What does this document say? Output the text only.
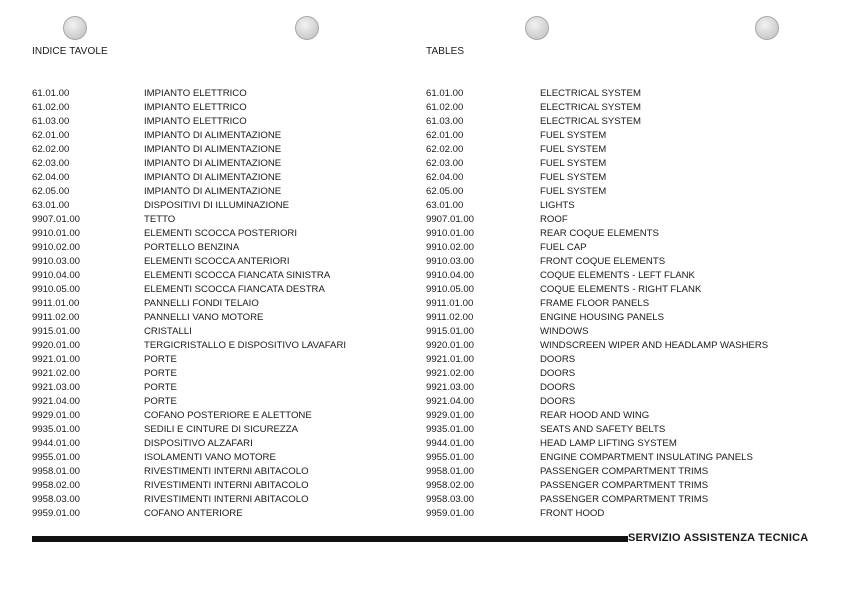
INDICE TAVOLE	TABLES
61.01.00	IMPIANTO ELETTRICO
61.02.00	IMPIANTO ELETTRICO
61.03.00	IMPIANTO ELETTRICO
62.01.00	IMPIANTO DI ALIMENTAZIONE
62.02.00	IMPIANTO DI ALIMENTAZIONE
62.03.00	IMPIANTO DI ALIMENTAZIONE
62.04.00	IMPIANTO DI ALIMENTAZIONE
62.05.00	IMPIANTO DI ALIMENTAZIONE
63.01.00	DISPOSITIVI DI ILLUMINAZIONE
9907.01.00	TETTO
9910.01.00	ELEMENTI SCOCCA POSTERIORI
9910.02.00	PORTELLO BENZINA
9910.03.00	ELEMENTI SCOCCA ANTERIORI
9910.04.00	ELEMENTI SCOCCA FIANCATA SINISTRA
9910.05.00	ELEMENTI SCOCCA FIANCATA DESTRA
9911.01.00	PANNELLI FONDI TELAIO
9911.02.00	PANNELLI VANO MOTORE
9915.01.00	CRISTALLI
9920.01.00	TERGICRISTALLO E DISPOSITIVO LAVAFARI
9921.01.00	PORTE
9921.02.00	PORTE
9921.03.00	PORTE
9921.04.00	PORTE
9929.01.00	COFANO POSTERIORE E ALETTONE
9935.01.00	SEDILI E CINTURE DI SICUREZZA
9944.01.00	DISPOSITIVO ALZAFARI
9955.01.00	ISOLAMENTI VANO MOTORE
9958.01.00	RIVESTIMENTI INTERNI ABITACOLO
9958.02.00	RIVESTIMENTI INTERNI ABITACOLO
9958.03.00	RIVESTIMENTI INTERNI ABITACOLO
9959.01.00	COFANO ANTERIORE
61.01.00	ELECTRICAL SYSTEM
61.02.00	ELECTRICAL SYSTEM
61.03.00	ELECTRICAL SYSTEM
62.01.00	FUEL SYSTEM
62.02.00	FUEL SYSTEM
62.03.00	FUEL SYSTEM
62.04.00	FUEL SYSTEM
62.05.00	FUEL SYSTEM
63.01.00	LIGHTS
9907.01.00	ROOF
9910.01.00	REAR COQUE ELEMENTS
9910.02.00	FUEL CAP
9910.03.00	FRONT COQUE ELEMENTS
9910.04.00	COQUE ELEMENTS - LEFT FLANK
9910.05.00	COQUE ELEMENTS - RIGHT FLANK
9911.01.00	FRAME FLOOR PANELS
9911.02.00	ENGINE HOUSING PANELS
9915.01.00	WINDOWS
9920.01.00	WINDSCREEN WIPER AND HEADLAMP WASHERS
9921.01.00	DOORS
9921.02.00	DOORS
9921.03.00	DOORS
9921.04.00	DOORS
9929.01.00	REAR HOOD AND WING
9935.01.00	SEATS AND SAFETY BELTS
9944.01.00	HEAD LAMP LIFTING SYSTEM
9955.01.00	ENGINE COMPARTMENT INSULATING PANELS
9958.01.00	PASSENGER COMPARTMENT TRIMS
9958.02.00	PASSENGER COMPARTMENT TRIMS
9958.03.00	PASSENGER COMPARTMENT TRIMS
9959.01.00	FRONT HOOD
SERVIZIO ASSISTENZA TECNICA
